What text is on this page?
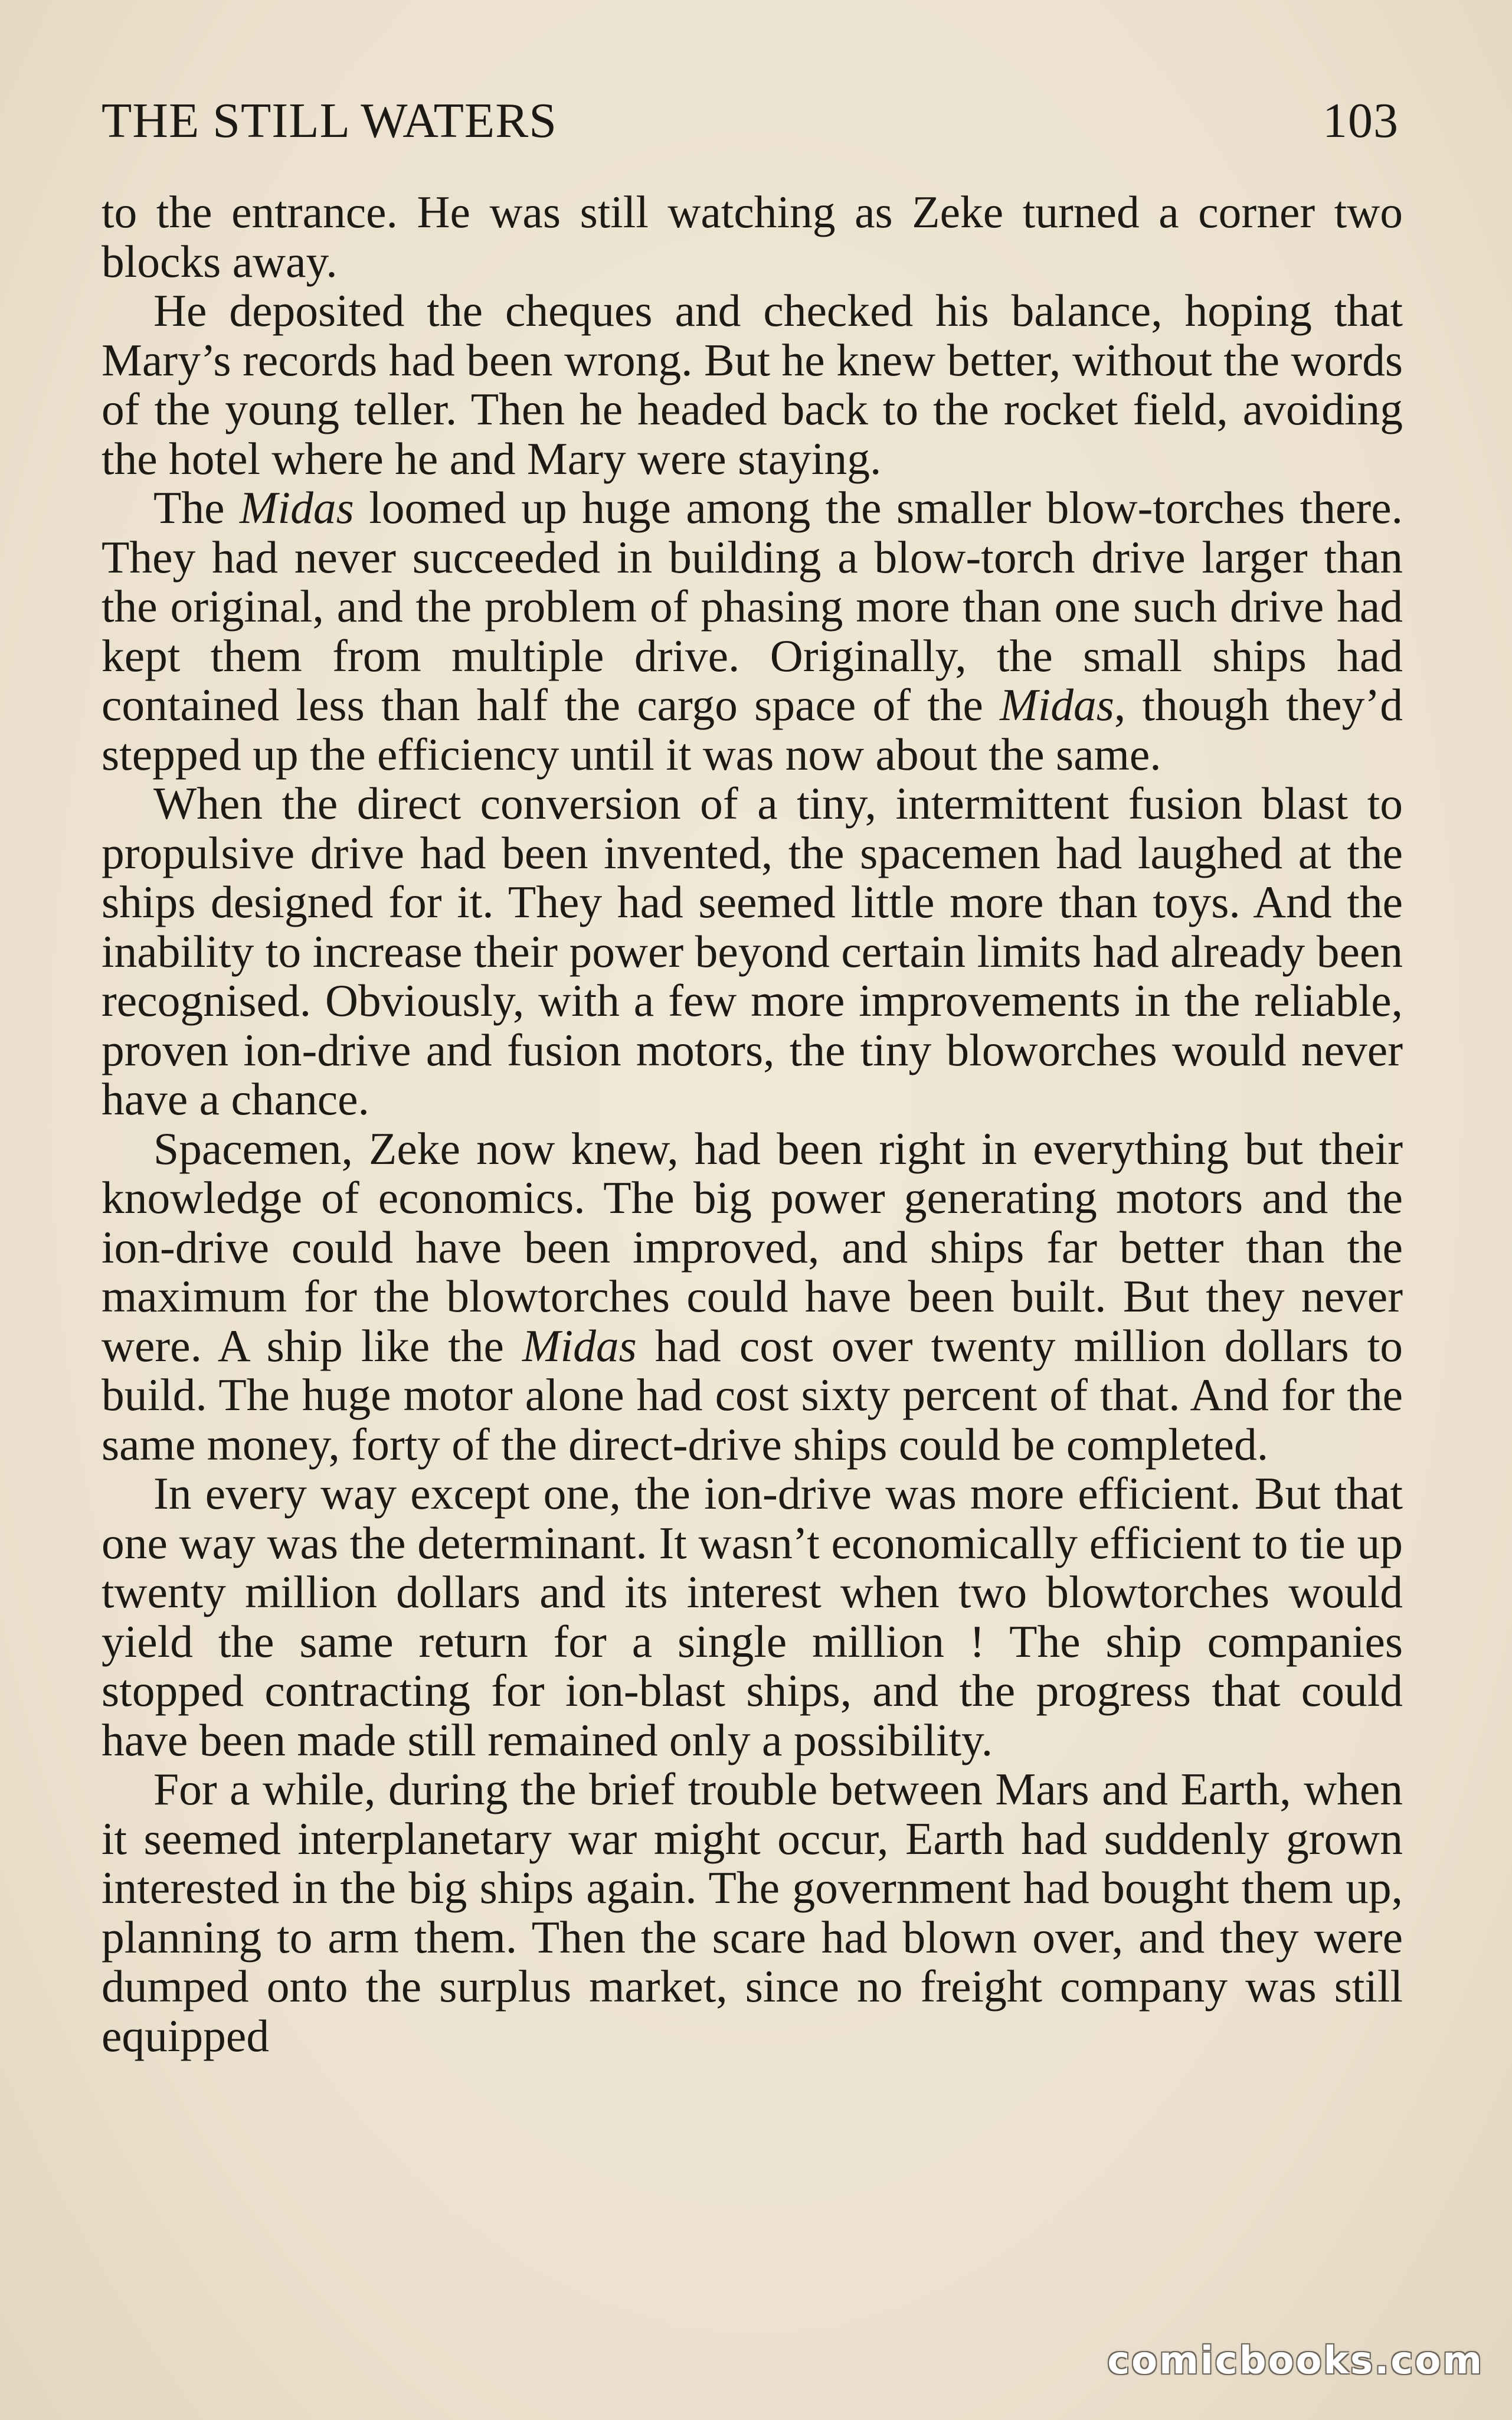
THE STILL WATERS	103

to the entrance. He was still watching as Zeke turned a corner two blocks away.

He deposited the cheques and checked his balance, hoping that Mary’s records had been wrong. But he knew better, without the words of the young teller. Then he headed back to the rocket field, avoiding the hotel where he and Mary were staying.

The Midas loomed up huge among the smaller blow-torches there. They had never succeeded in building a blow-torch drive larger than the original, and the problem of phasing more than one such drive had kept them from multiple drive. Originally, the small ships had contained less than half the cargo space of the Midas, though they’d stepped up the efficiency until it was now about the same.

When the direct conversion of a tiny, intermittent fusion blast to propulsive drive had been invented, the spacemen had laughed at the ships designed for it. They had seemed little more than toys. And the inability to increase their power beyond certain limits had already been recognised. Obviously, with a few more improvements in the reliable, proven ion-drive and fusion motors, the tiny bloworches would never have a chance.

Spacemen, Zeke now knew, had been right in everything but their knowledge of economics. The big power generating motors and the ion-drive could have been improved, and ships far better than the maximum for the blowtorches could have been built. But they never were. A ship like the Midas had cost over twenty million dollars to build. The huge motor alone had cost sixty percent of that. And for the same money, forty of the direct-drive ships could be completed.

In every way except one, the ion-drive was more efficient. But that one way was the determinant. It wasn’t economically efficient to tie up twenty million dollars and its interest when two blowtorches would yield the same return for a single million ! The ship companies stopped contracting for ion-blast ships, and the progress that could have been made still remained only a possibility.

For a while, during the brief trouble between Mars and Earth, when it seemed interplanetary war might occur, Earth had suddenly grown interested in the big ships again. The government had bought them up, planning to arm them. Then the scare had blown over, and they were dumped onto the surplus market, since no freight company was still equipped

comicbooks.com
